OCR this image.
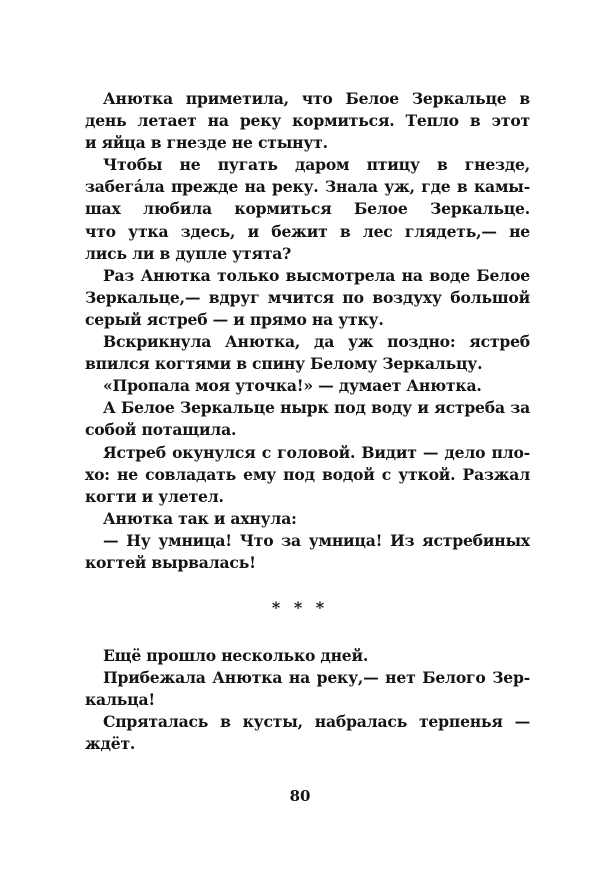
Анютка приметила, что Белое Зеркальце в
день летает на реку кормиться. Тепло в этот
и яйца в гнезде не стынут.
Чтобы не пугать даром птицу в гнезде,
забегáла прежде на реку. Знала уж, где в камы-
шах любила кормиться Белое Зеркальце.
что утка здесь, и бежит в лес глядеть,— не
лись ли в дупле утята?
Раз Анютка только высмотрела на воде Белое
Зеркальце,— вдруг мчится по воздуху большой
серый ястреб — и прямо на утку.
Вскрикнула Анютка, да уж поздно: ястреб
впился когтями в спину Белому Зеркальцу.
«Пропала моя уточка!» — думает Анютка.
А Белое Зеркальце нырк под воду и ястреба за
собой потащила.
Ястреб окунулся с головой. Видит — дело пло-
хо: не совладать ему под водой с уткой. Разжал
когти и улетел.
Анютка так и ахнула:
— Ну умница! Что за умница! Из ястребиных
когтей вырвалась!
* * *
Ещё прошло несколько дней.
Прибежала Анютка на реку,— нет Белого Зер-
кальца!
Спряталась в кусты, набралась терпенья —
ждёт.
80
